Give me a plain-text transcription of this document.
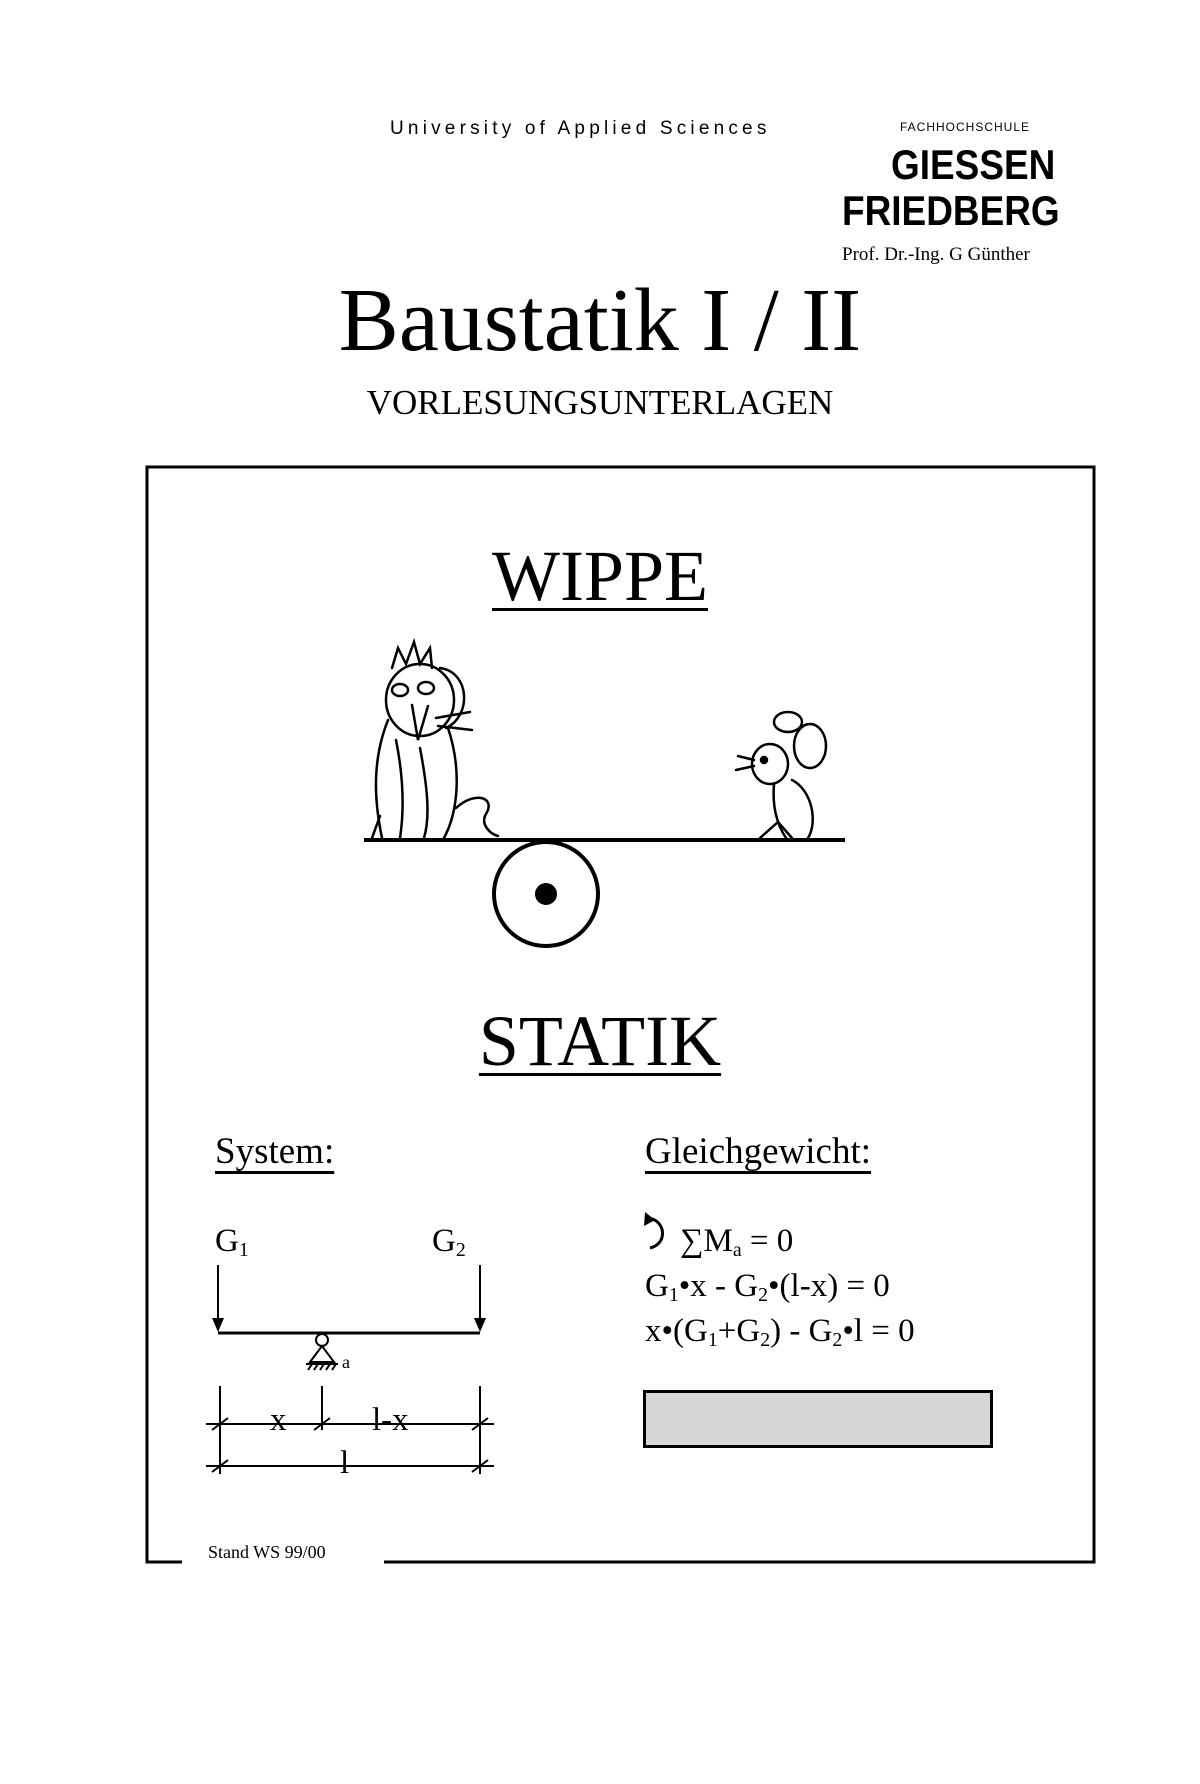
University of Applied Sciences	FACHHOCHSCHULE
GIESSEN
FRIEDBERG
Prof. Dr.-Ing. G Günther
Baustatik I / II
VORLESUNGSUNTERLAGEN
WIPPE
STATIK
System:	Gleichgewicht:
$G_1$	$G_2$
a
x	l-x
l
$\sum M_a = 0$
$G_1•x$ - $G_2•(l-x) = 0$
$x•(G_1+G_2)$ - $G_2•l = 0$
Stand WS 99/00
